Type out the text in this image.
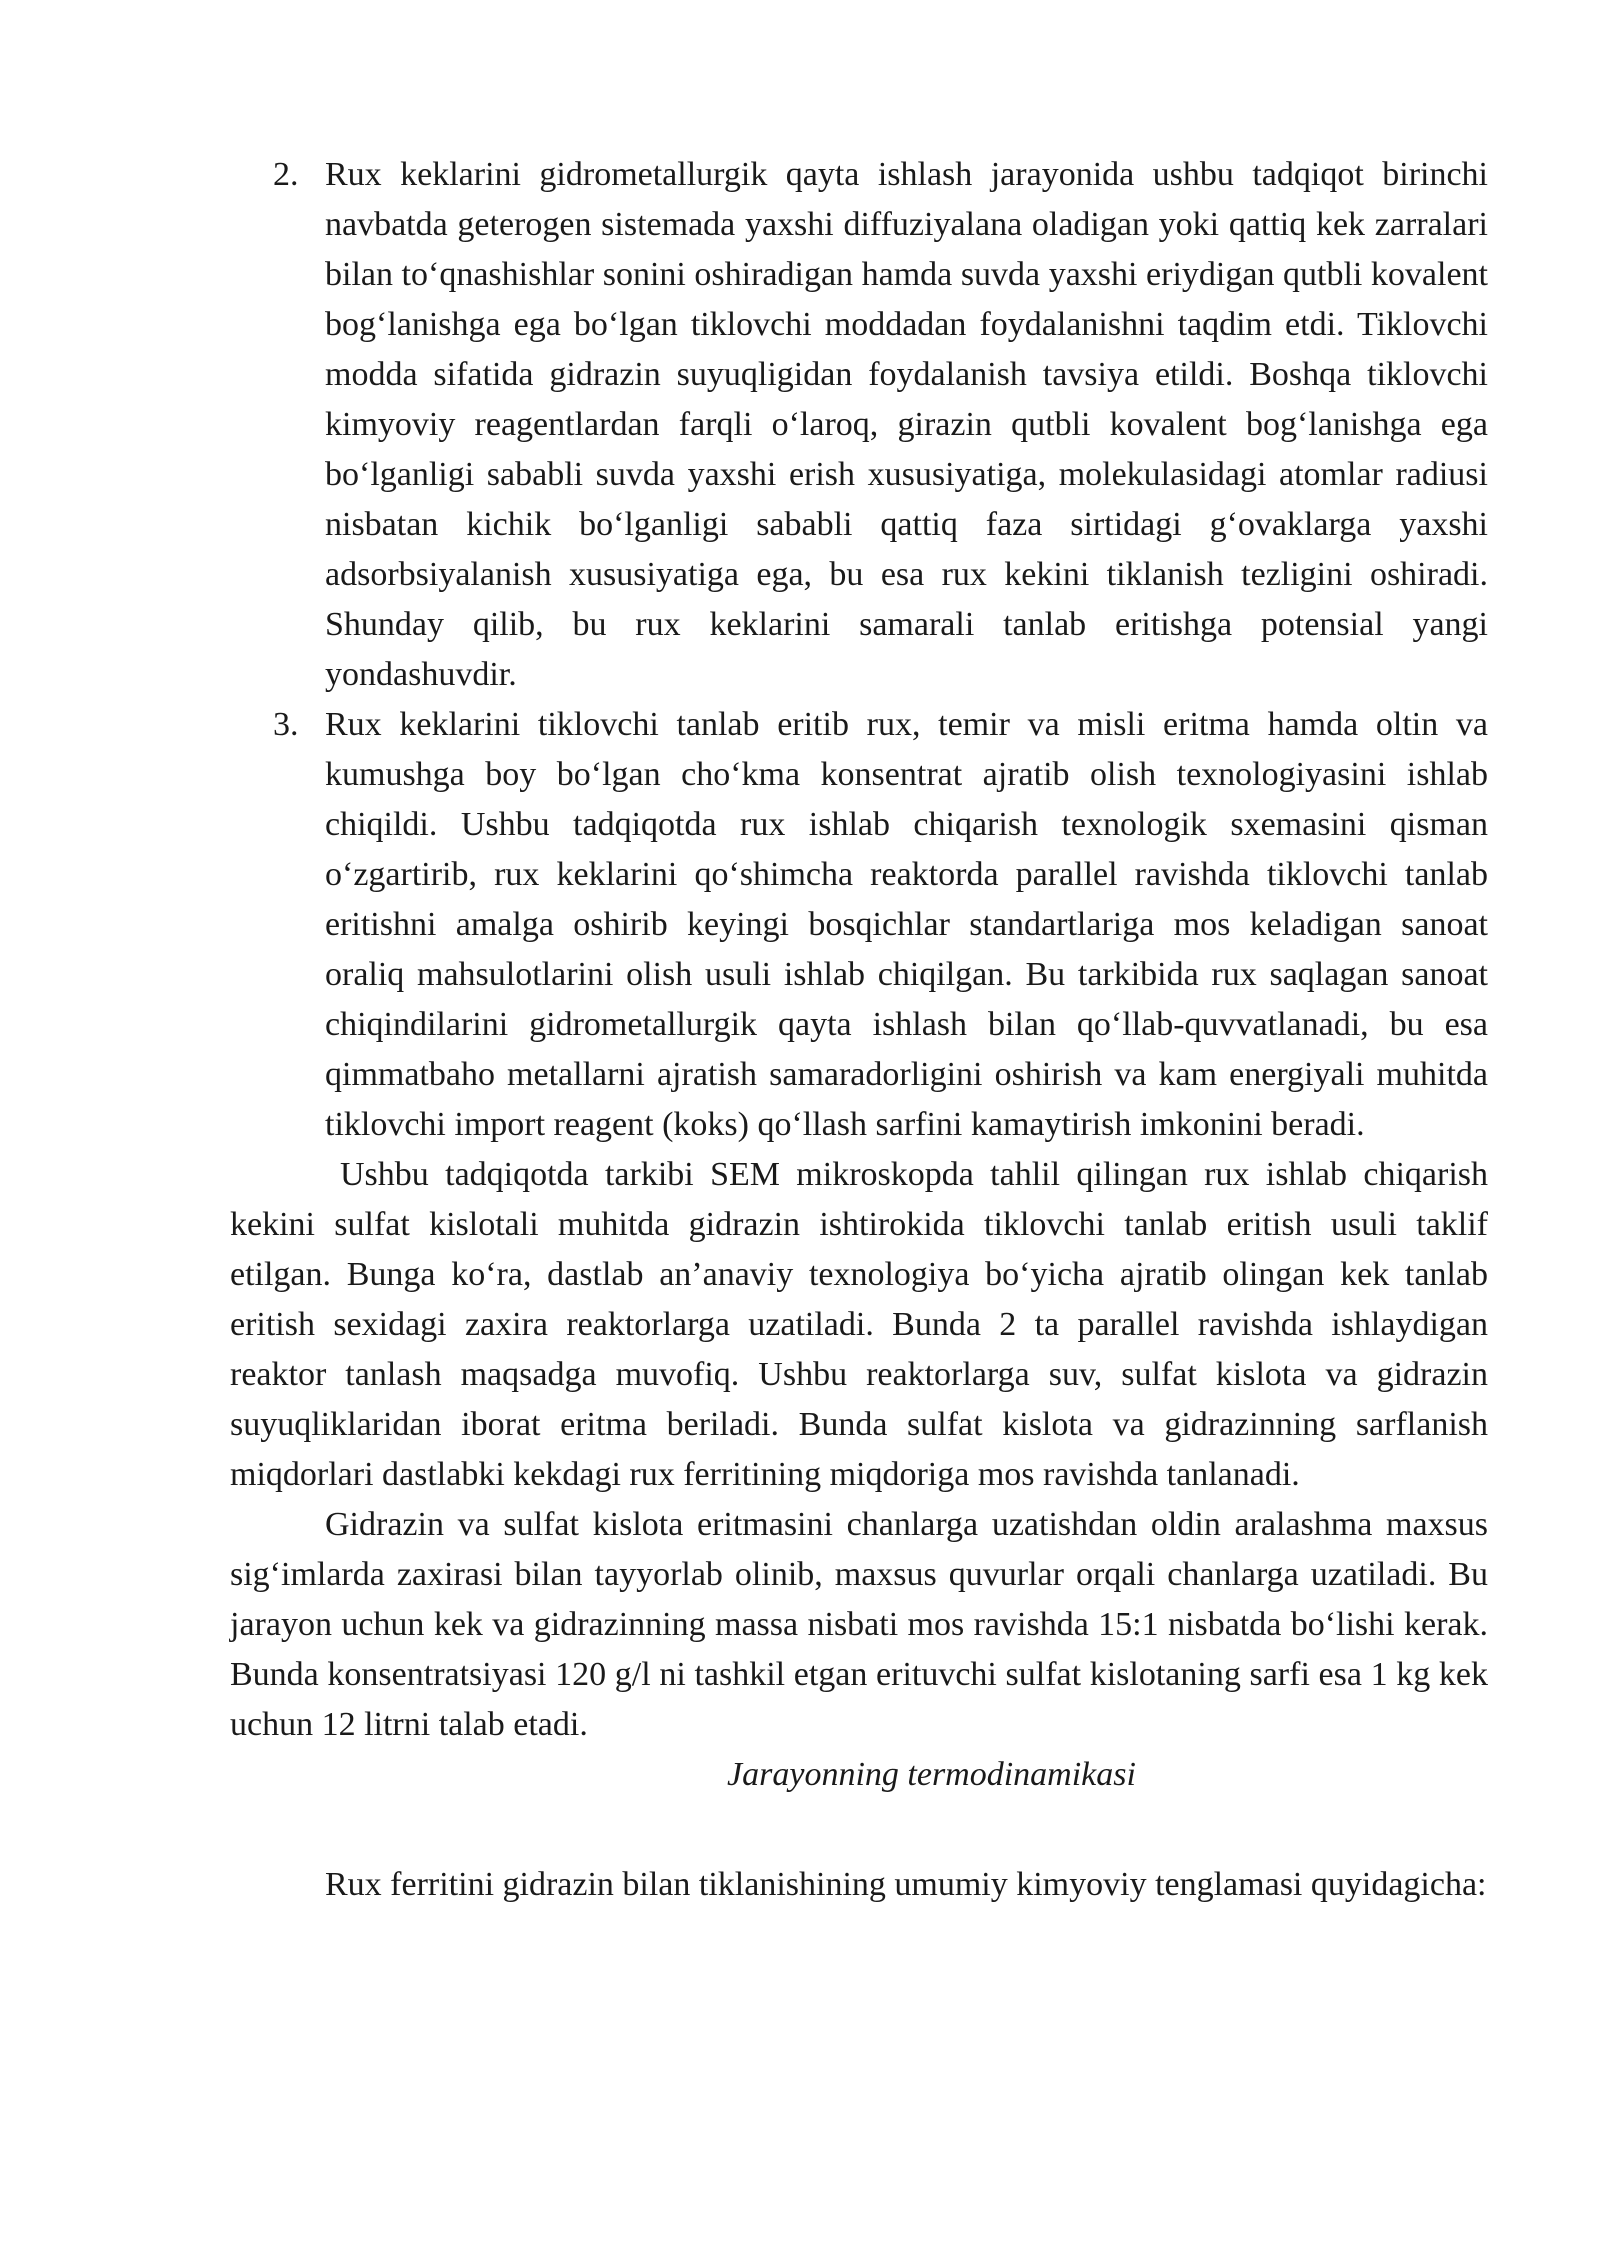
2. Rux keklarini gidrometallurgik qayta ishlash jarayonida ushbu tadqiqot birinchi navbatda geterogen sistemada yaxshi diffuziyalana oladigan yoki qattiq kek zarralari bilan toʻqnashishlar sonini oshiradigan hamda suvda yaxshi eriydigan qutbli kovalent bogʻlanishga ega boʻlgan tiklovchi moddadan foydalanishni taqdim etdi. Tiklovchi modda sifatida gidrazin suyuqligidan foydalanish tavsiya etildi. Boshqa tiklovchi kimyoviy reagentlardan farqli oʻlaroq, girazin qutbli kovalent bogʻlanishga ega boʻlganligi sababli suvda yaxshi erish xususiyatiga, molekulasidagi atomlar radiusi nisbatan kichik boʻlganligi sababli qattiq faza sirtidagi gʻovaklarga yaxshi adsorbsiyalanish xususiyatiga ega, bu esa rux kekini tiklanish tezligini oshiradi. Shunday qilib, bu rux keklarini samarali tanlab eritishga potensial yangi yondashuvdir.
3. Rux keklarini tiklovchi tanlab eritib rux, temir va misli eritma hamda oltin va kumushga boy boʻlgan choʻkma konsentrat ajratib olish texnologiyasini ishlab chiqildi. Ushbu tadqiqotda rux ishlab chiqarish texnologik sxemasini qisman oʻzgartirib, rux keklarini qoʻshimcha reaktorda parallel ravishda tiklovchi tanlab eritishni amalga oshirib keyingi bosqichlar standartlariga mos keladigan sanoat oraliq mahsulotlarini olish usuli ishlab chiqilgan. Bu tarkibida rux saqlagan sanoat chiqindilarini gidrometallurgik qayta ishlash bilan qoʻllab-quvvatlanadi, bu esa qimmatbaho metallarni ajratish samaradorligini oshirish va kam energiyali muhitda tiklovchi import reagent (koks) qoʻllash sarfini kamaytirish imkonini beradi.

Ushbu tadqiqotda tarkibi SEM mikroskopda tahlil qilingan rux ishlab chiqarish kekini sulfat kislotali muhitda gidrazin ishtirokida tiklovchi tanlab eritish usuli taklif etilgan. Bunga koʻra, dastlab an’anaviy texnologiya boʻyicha ajratib olingan kek tanlab eritish sexidagi zaxira reaktorlarga uzatiladi. Bunda 2 ta parallel ravishda ishlaydigan reaktor tanlash maqsadga muvofiq. Ushbu reaktorlarga suv, sulfat kislota va gidrazin suyuqliklaridan iborat eritma beriladi. Bunda sulfat kislota va gidrazinning sarflanish miqdorlari dastlabki kekdagi rux ferritining miqdoriga mos ravishda tanlanadi.

Gidrazin va sulfat kislota eritmasini chanlarga uzatishdan oldin aralashma maxsus sigʻimlarda zaxirasi bilan tayyorlab olinib, maxsus quvurlar orqali chanlarga uzatiladi. Bu jarayon uchun kek va gidrazinning massa nisbati mos ravishda 15:1 nisbatda boʻlishi kerak. Bunda konsentratsiyasi 120 g/l ni tashkil etgan erituvchi sulfat kislotaning sarfi esa 1 kg kek uchun 12 litrni talab etadi.

Jarayonning termodinamikasi

Rux ferritini gidrazin bilan tiklanishining umumiy kimyoviy tenglamasi quyidagicha:
